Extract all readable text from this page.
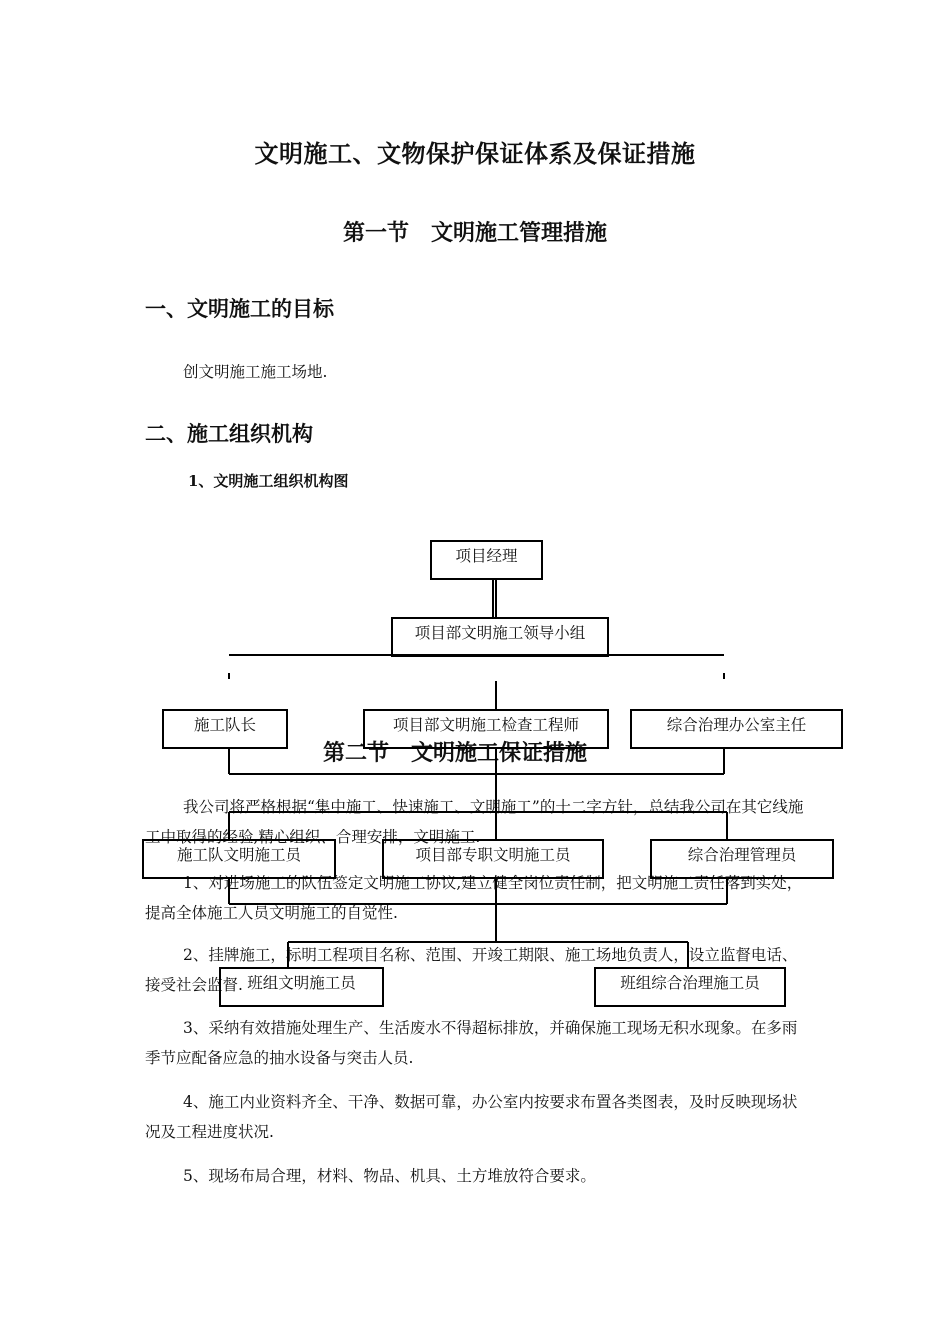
文明施工、文物保护保证体系及保证措施
第一节　文明施工管理措施
一、文明施工的目标
创文明施工施工场地.
二、施工组织机构
1、文明施工组织机构图
第二节　文明施工保证措施
我公司将严格根据“集中施工、快速施工、文明施工”的十二字方针，总结我公司在其它线施工中取得的经验,精心组织、合理安排，文明施工.
1、对进场施工的队伍签定文明施工协议,建立健全岗位责任制，把文明施工责任落到实处，提高全体施工人员文明施工的自觉性.
2、挂牌施工，标明工程项目名称、范围、开竣工期限、施工场地负责人，设立监督电话、接受社会监督.
3、采纳有效措施处理生产、生活废水不得超标排放，并确保施工现场无积水现象。在多雨季节应配备应急的抽水设备与突击人员.
4、施工内业资料齐全、干净、数据可靠，办公室内按要求布置各类图表，及时反映现场状况及工程进度状况.
5、现场布局合理，材料、物品、机具、土方堆放符合要求。
项目经理
项目部文明施工领导小组
施工队长	项目部文明施工检查工程师	综合治理办公室主任
施工队文明施工员	项目部专职文明施工员	综合治理管理员
班组文明施工员	班组综合治理施工员
